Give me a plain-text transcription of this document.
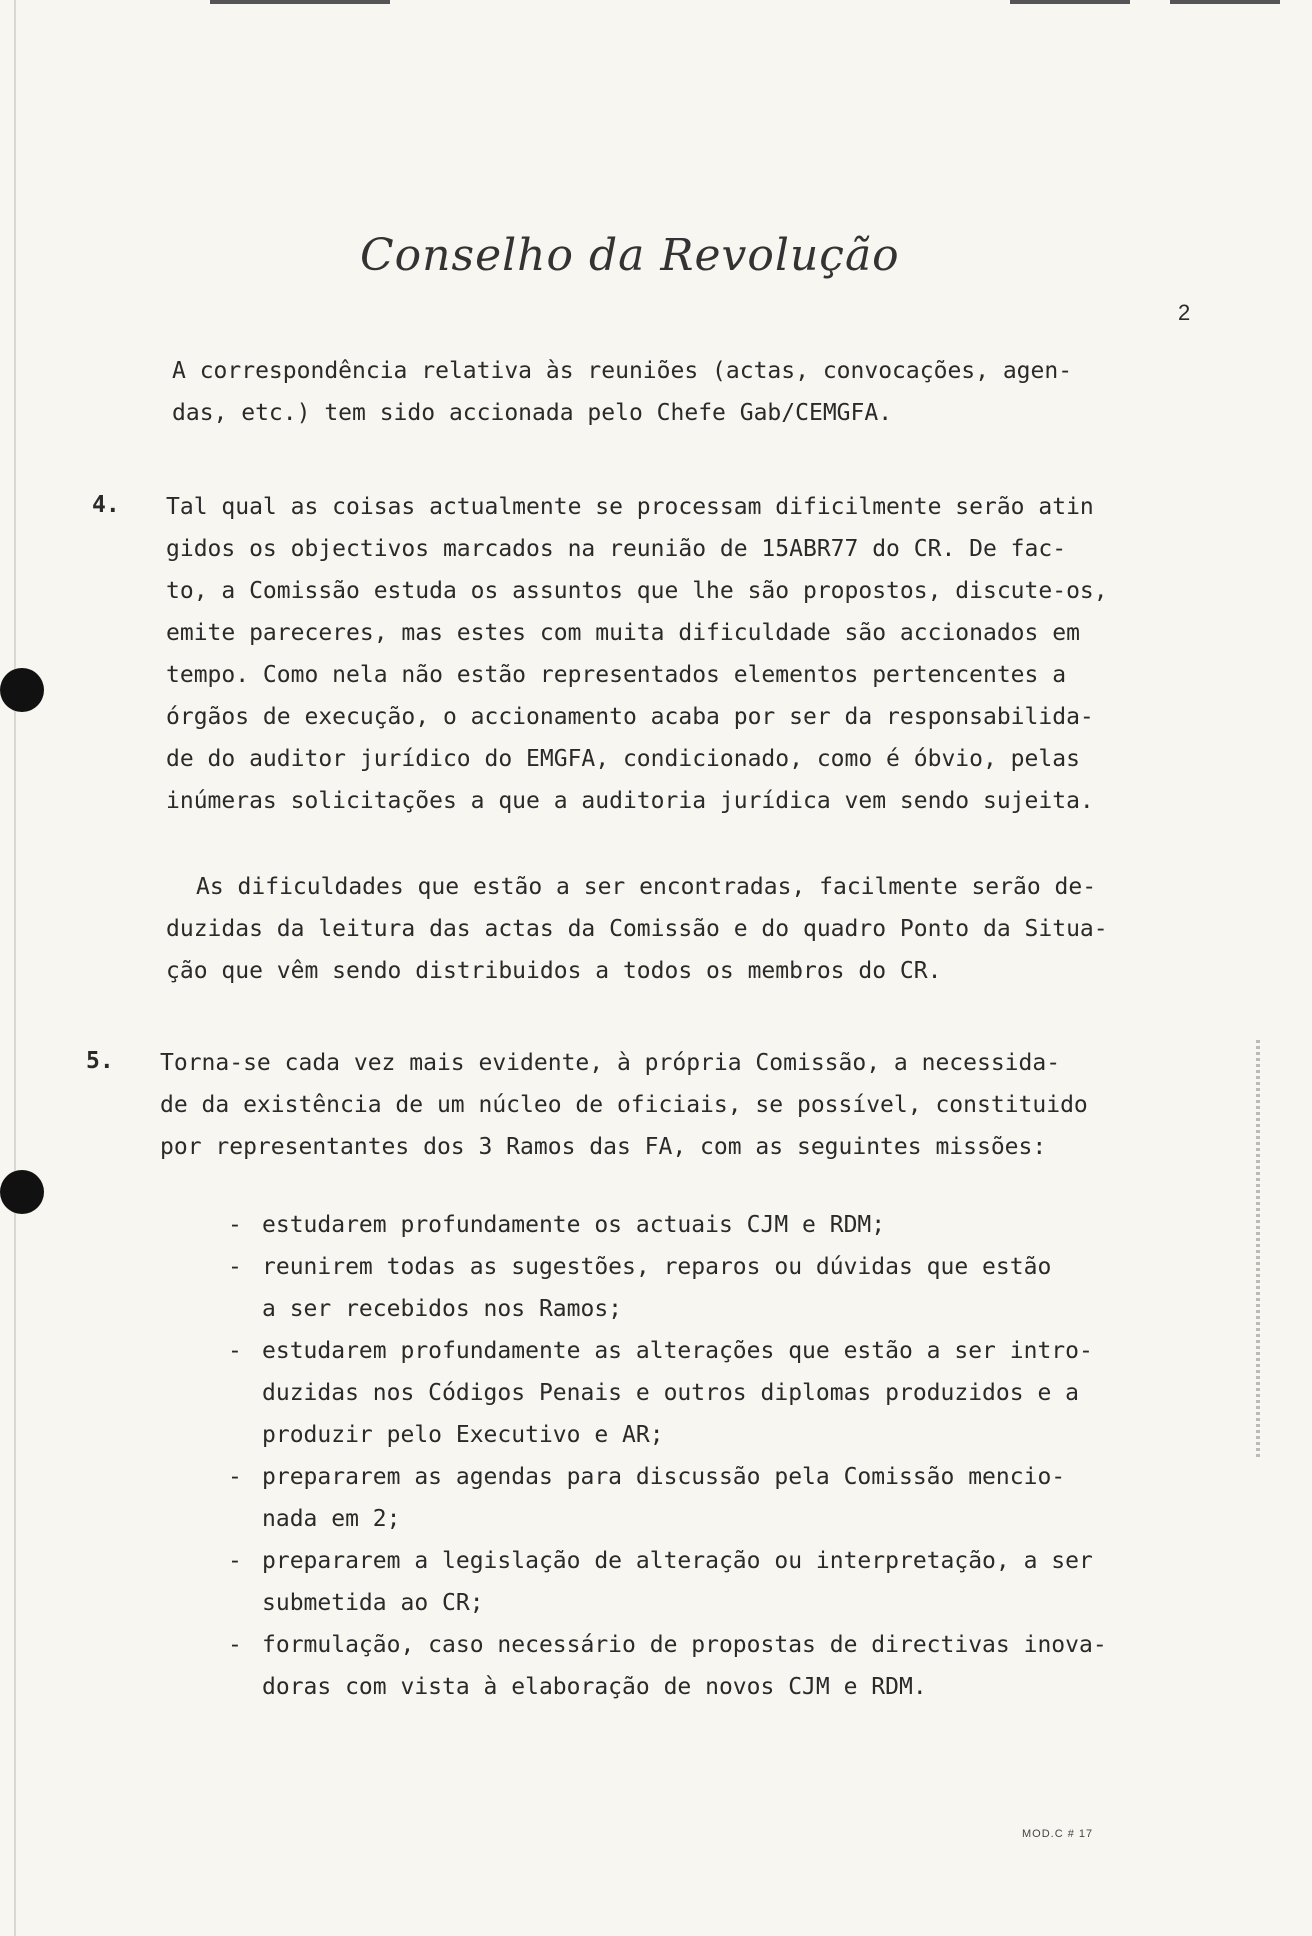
Conselho da Revolução
2
A correspondência relativa às reuniões (actas, convocações, agen-
das, etc.) tem sido accionada pelo Chefe Gab/CEMGFA.
4. Tal qual as coisas actualmente se processam dificilmente serão atin
gidos os objectivos marcados na reunião de 15ABR77 do CR. De fac-
to, a Comissão estuda os assuntos que lhe são propostos, discute-os,
emite pareceres, mas estes com muita dificuldade são accionados em
tempo. Como nela não estão representados elementos pertencentes a
órgãos de execução, o accionamento acaba por ser da responsabilida-
de do auditor jurídico do EMGFA, condicionado, como é óbvio, pelas
inúmeras solicitações a que a auditoria jurídica vem sendo sujeita.
As dificuldades que estão a ser encontradas, facilmente serão de-
duzidas da leitura das actas da Comissão e do quadro Ponto da Situa-
ção que vêm sendo distribuidos a todos os membros do CR.
5. Torna-se cada vez mais evidente, à própria Comissão, a necessida-
de da existência de um núcleo de oficiais, se possível, constituido
por representantes dos 3 Ramos das FA, com as seguintes missões:
- estudarem profundamente os actuais CJM e RDM;
- reunirem todas as sugestões, reparos ou dúvidas que estão
a ser recebidos nos Ramos;
- estudarem profundamente as alterações que estão a ser intro-
duzidas nos Códigos Penais e outros diplomas produzidos e a
produzir pelo Executivo e AR;
- prepararem as agendas para discussão pela Comissão mencio-
nada em 2;
- prepararem a legislação de alteração ou interpretação, a ser
submetida ao CR;
- formulação, caso necessário de propostas de directivas inova-
doras com vista à elaboração de novos CJM e RDM.
MOD.C # 17
